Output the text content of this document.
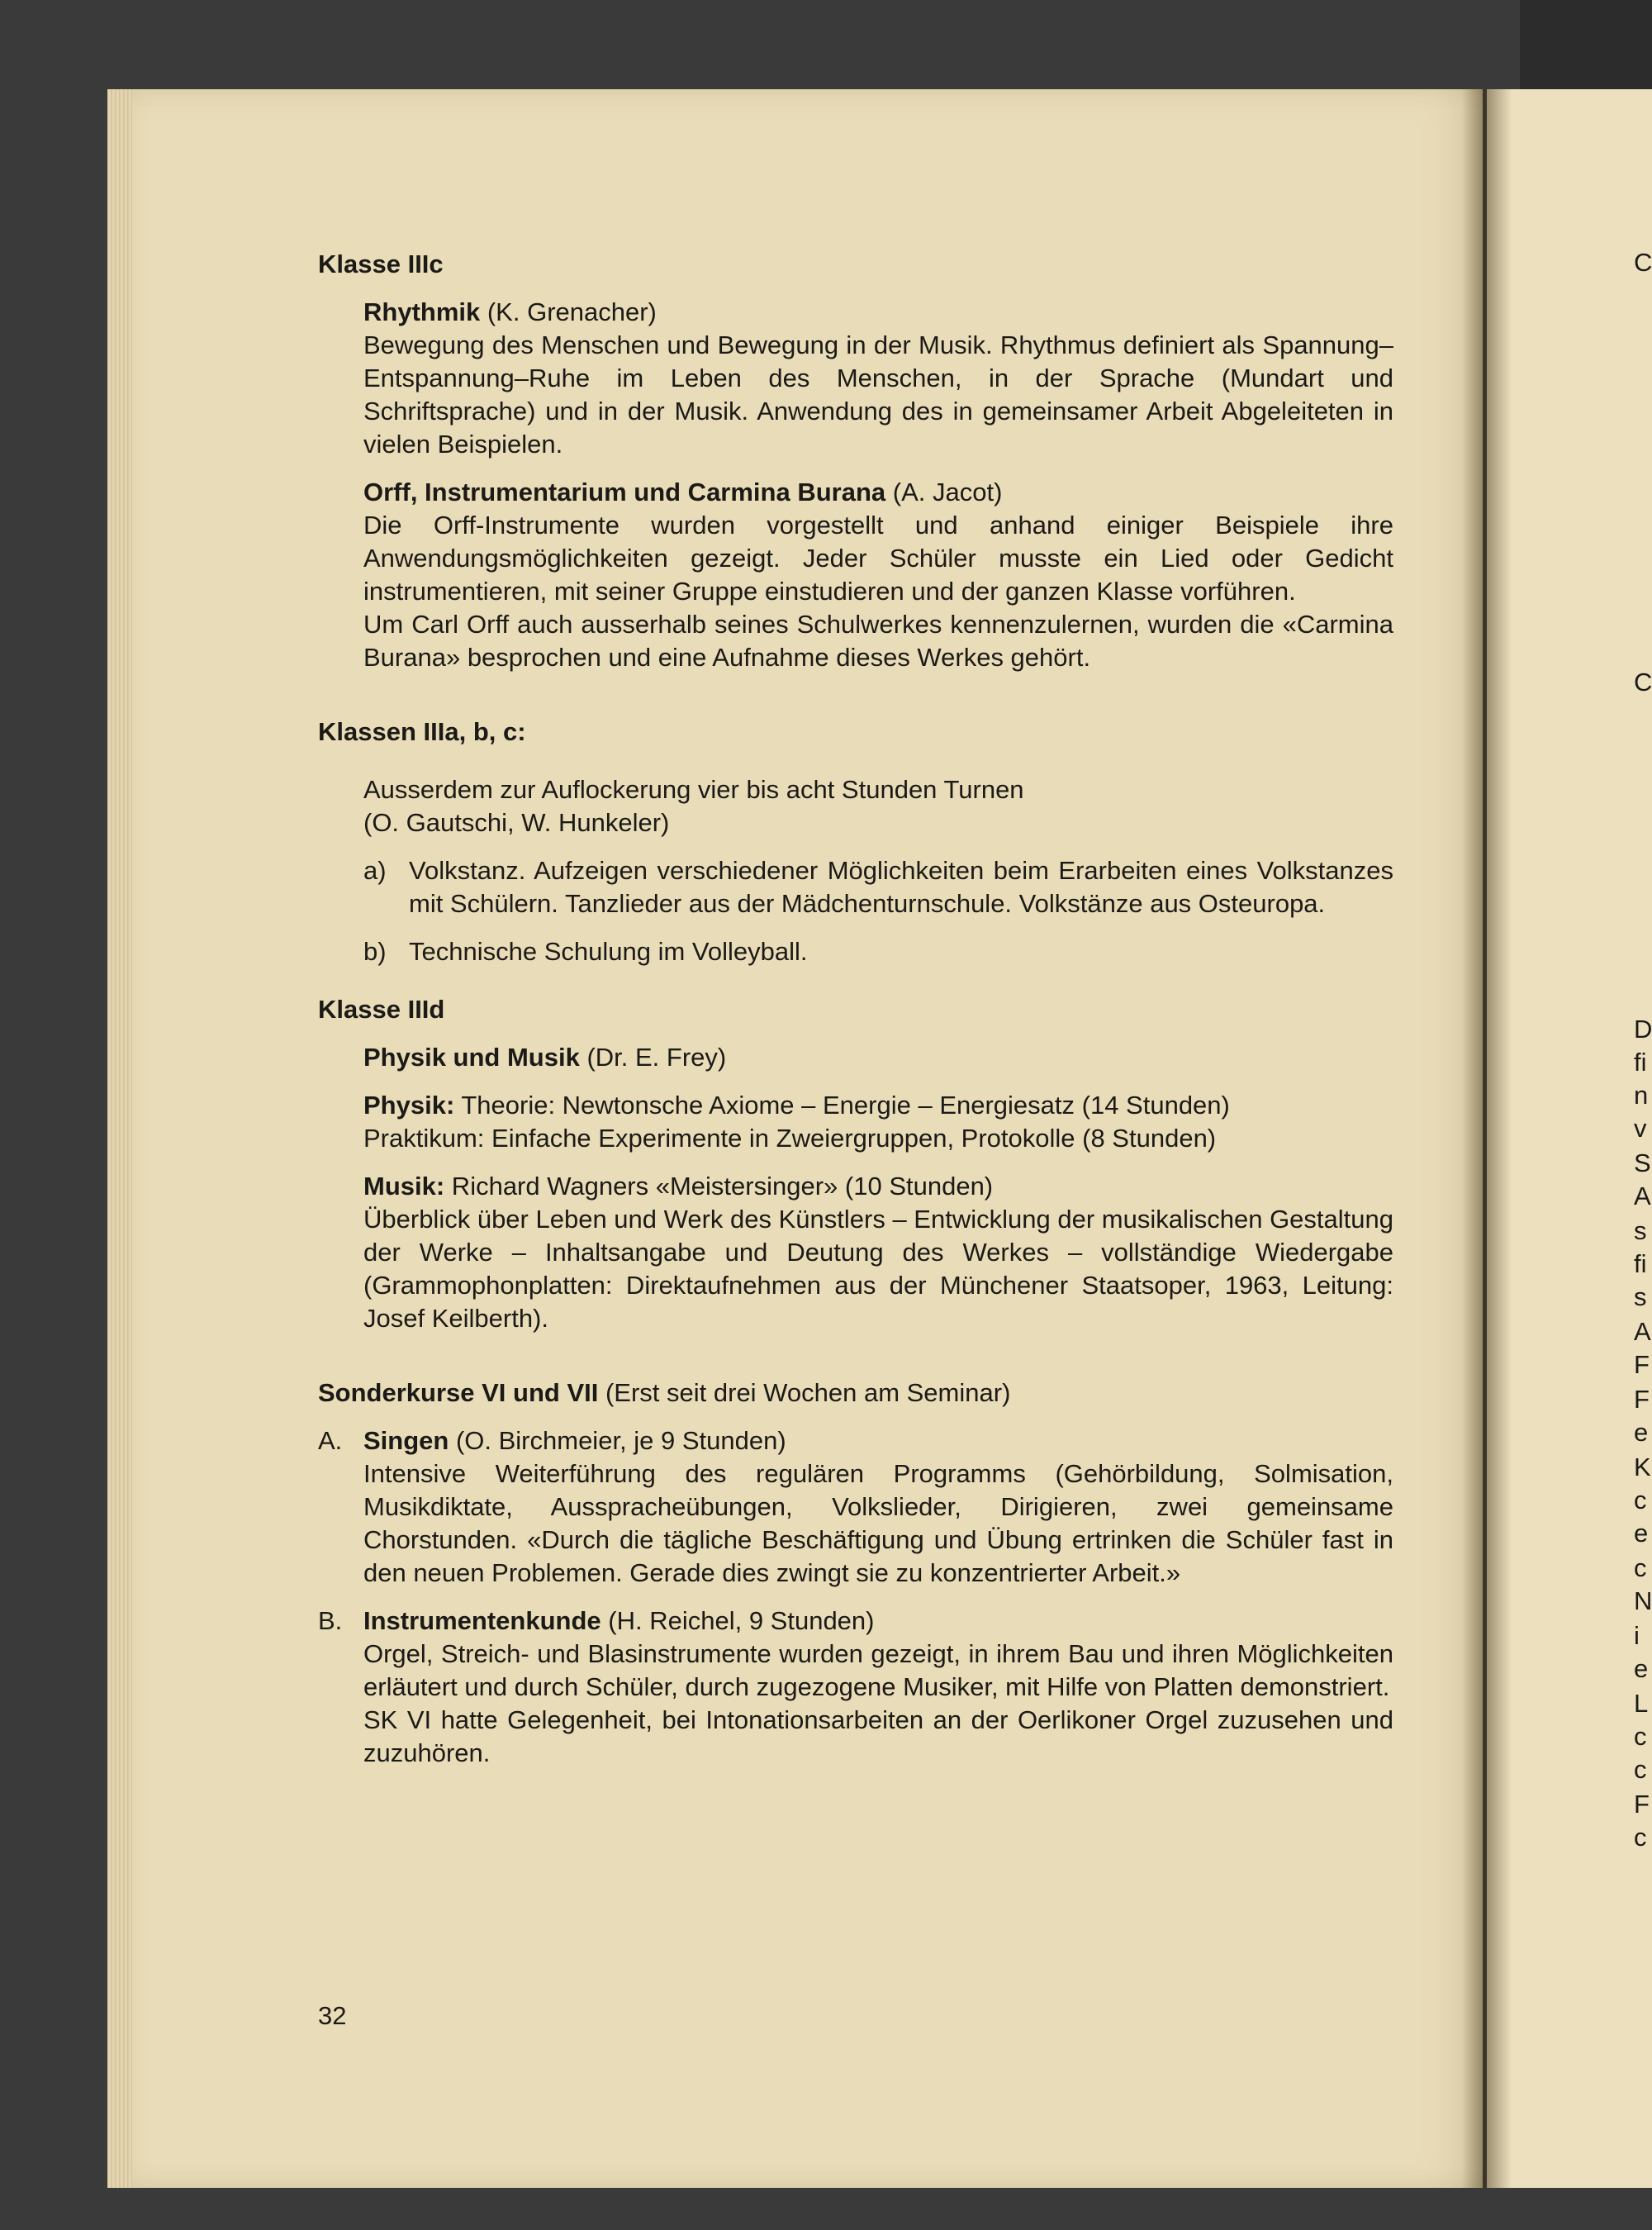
Klasse IIIc

Rhythmik (K. Grenacher)

Bewegung des Menschen und Bewegung in der Musik. Rhythmus definiert als Spannung–Entspannung–Ruhe im Leben des Menschen, in der Sprache (Mundart und Schriftsprache) und in der Musik. Anwendung des in gemeinsamer Arbeit Abgeleiteten in vielen Beispielen.

Orff, Instrumentarium und Carmina Burana (A. Jacot)

Die Orff-Instrumente wurden vorgestellt und anhand einiger Beispiele ihre Anwendungsmöglichkeiten gezeigt. Jeder Schüler musste ein Lied oder Gedicht instrumentieren, mit seiner Gruppe einstudieren und der ganzen Klasse vorführen.

Um Carl Orff auch ausserhalb seines Schulwerkes kennenzulernen, wurden die «Carmina Burana» besprochen und eine Aufnahme dieses Werkes gehört.

Klassen IIIa, b, c:

Ausserdem zur Auflockerung vier bis acht Stunden Turnen

(O. Gautschi, W. Hunkeler)

a) Volkstanz. Aufzeigen verschiedener Möglichkeiten beim Erarbeiten eines Volkstanzes mit Schülern. Tanzlieder aus der Mädchenturnschule. Volkstänze aus Osteuropa.

b) Technische Schulung im Volleyball.

Klasse IIId

Physik und Musik (Dr. E. Frey)

Physik: Theorie: Newtonsche Axiome – Energie – Energiesatz (14 Stunden)

Praktikum: Einfache Experimente in Zweiergruppen, Protokolle (8 Stunden)

Musik: Richard Wagners «Meistersinger» (10 Stunden)

Überblick über Leben und Werk des Künstlers – Entwicklung der musikalischen Gestaltung der Werke – Inhaltsangabe und Deutung des Werkes – vollständige Wiedergabe (Grammophonplatten: Direktaufnehmen aus der Münchener Staatsoper, 1963, Leitung: Josef Keilberth).

Sonderkurse VI und VII (Erst seit drei Wochen am Seminar)

A. Singen (O. Birchmeier, je 9 Stunden)

Intensive Weiterführung des regulären Programms (Gehörbildung, Solmisation, Musikdiktate, Ausspracheübungen, Volkslieder, Dirigieren, zwei gemeinsame Chorstunden. «Durch die tägliche Beschäftigung und Übung ertrinken die Schüler fast in den neuen Problemen. Gerade dies zwingt sie zu konzentrierter Arbeit.»

B. Instrumentenkunde (H. Reichel, 9 Stunden)

Orgel, Streich- und Blasinstrumente wurden gezeigt, in ihrem Bau und ihren Möglichkeiten erläutert und durch Schüler, durch zugezogene Musiker, mit Hilfe von Platten demonstriert.

SK VI hatte Gelegenheit, bei Intonationsarbeiten an der Oerlikoner Orgel zuzusehen und zuzuhören.

32
C
C
D
fi
n
v
S
A
s
fi
s
A
F
F
e
K
c
e
c
N
i
e
L
c
c
F
c
